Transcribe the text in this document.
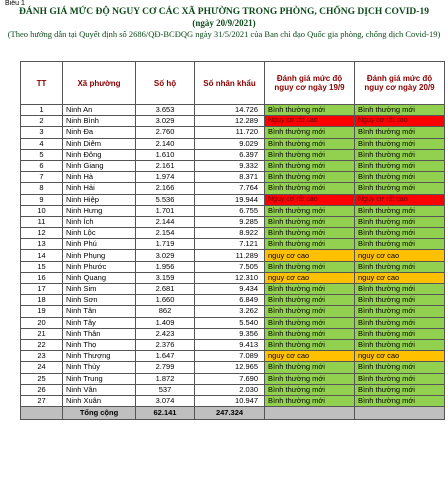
Biểu 1
ĐÁNH GIÁ MỨC ĐỘ NGUY CƠ CÁC XÃ PHƯỜNG TRONG PHÒNG, CHỐNG DỊCH COVID-19
(ngày 20/9/2021)
(Theo hướng dẫn tại Quyết định số 2686/QĐ-BCĐQG ngày 31/5/2021 của Ban chỉ đạo Quốc gia phòng, chống dịch Covid-19)
TT	Xã phường	Số hộ	Số nhân khẩu	Đánh giá mức độ nguy cơ ngày 19/9	Đánh giá mức độ nguy cơ ngày 20/9
1	Ninh An	3.653	14.726	Bình thường mới	Bình thường mới
2	Ninh Bình	3.029	12.289	Nguy cơ rất cao	Nguy cơ rất cao
3	Ninh Đa	2.760	11.720	Bình thường mới	Bình thường mới
4	Ninh Diêm	2.140	9.029	Bình thường mới	Bình thường mới
5	Ninh Đông	1.610	6.397	Bình thường mới	Bình thường mới
6	Ninh Giang	2.161	9.332	Bình thường mới	Bình thường mới
7	Ninh Hà	1.974	8.371	Bình thường mới	Bình thường mới
8	Ninh Hải	2.166	7.764	Bình thường mới	Bình thường mới
9	Ninh Hiệp	5.536	19.944	Nguy cơ rất cao	Nguy cơ rất cao
10	Ninh Hưng	1.701	6.755	Bình thường mới	Bình thường mới
11	Ninh Ích	2.144	9.285	Bình thường mới	Bình thường mới
12	Ninh Lộc	2.154	8.922	Bình thường mới	Bình thường mới
13	Ninh Phú	1.719	7.121	Bình thường mới	Bình thường mới
14	Ninh Phụng	3.029	11.289	nguy cơ cao	nguy cơ cao
15	Ninh Phước	1.956	7.505	Bình thường mới	Bình thường mới
16	Ninh Quang	3.159	12.310	nguy cơ cao	nguy cơ cao
17	Ninh Sim	2.681	9.434	Bình thường mới	Bình thường mới
18	Ninh Sơn	1.660	6.849	Bình thường mới	Bình thường mới
19	Ninh Tân	862	3.262	Bình thường mới	Bình thường mới
20	Ninh Tây	1.409	5.540	Bình thường mới	Bình thường mới
21	Ninh Thân	2.423	9.356	Bình thường mới	Bình thường mới
22	Ninh Thọ	2.376	9.413	Bình thường mới	Bình thường mới
23	Ninh Thượng	1.647	7.089	nguy cơ cao	nguy cơ cao
24	Ninh Thủy	2.799	12.965	Bình thường mới	Bình thường mới
25	Ninh Trung	1.872	7.690	Bình thường mới	Bình thường mới
26	Ninh Vân	537	2.030	Bình thường mới	Bình thường mới
27	Ninh Xuân	3.074	10.947	Bình thường mới	Bình thường mới
	Tổng cộng	62.141	247.324		
